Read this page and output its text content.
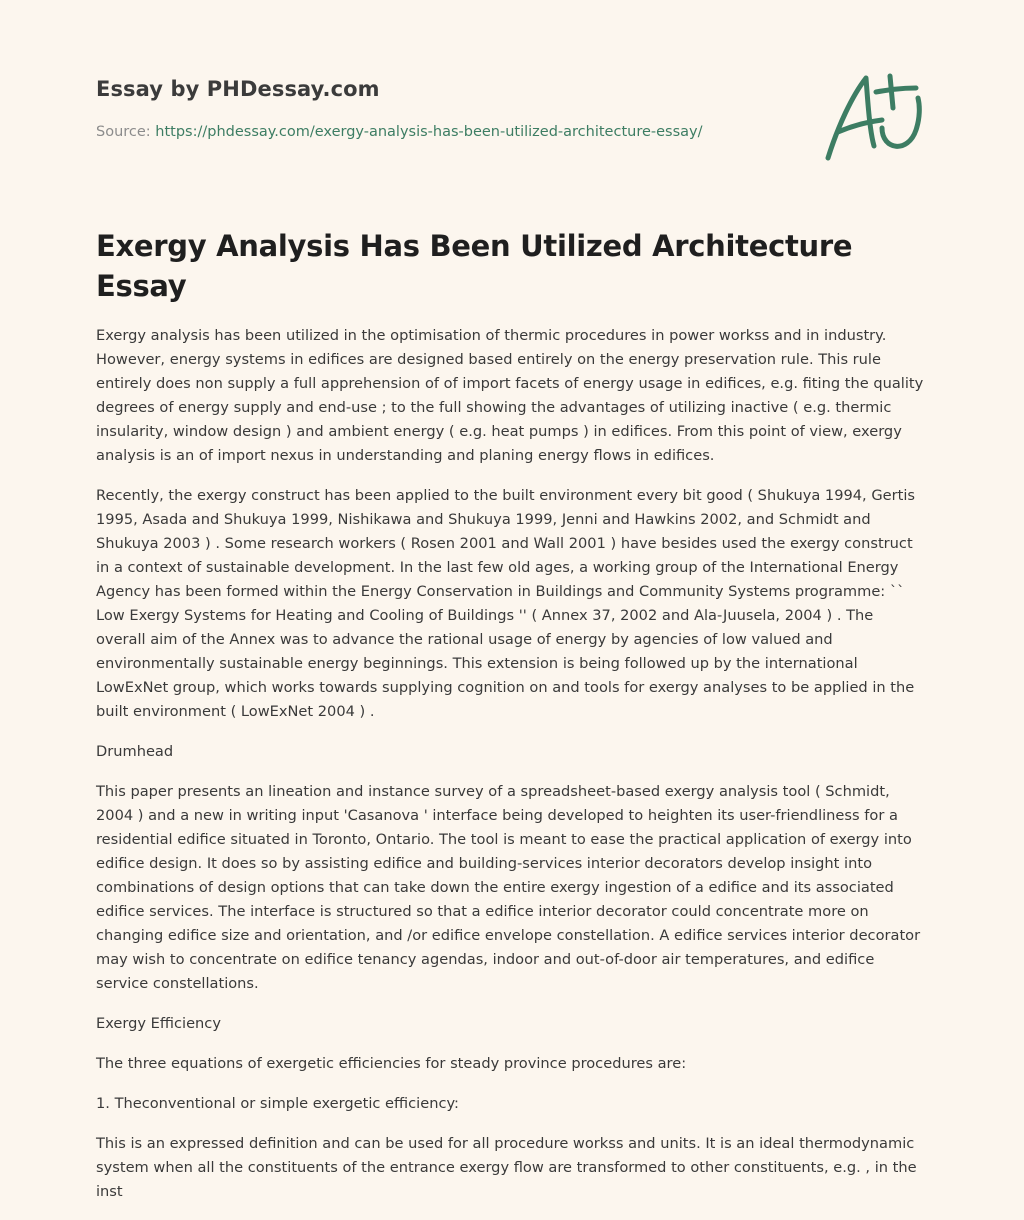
Essay by PHDessay.com
Source: https://phdessay.com/exergy-analysis-has-been-utilized-architecture-essay/
Exergy Analysis Has Been Utilized Architecture Essay

Exergy analysis has been utilized in the optimisation of thermic procedures in power workss and in industry. However, energy systems in edifices are designed based entirely on the energy preservation rule. This rule entirely does non supply a full apprehension of of import facets of energy usage in edifices, e.g. fiting the quality degrees of energy supply and end-use ; to the full showing the advantages of utilizing inactive ( e.g. thermic insularity, window design ) and ambient energy ( e.g. heat pumps ) in edifices. From this point of view, exergy analysis is an of import nexus in understanding and planing energy flows in edifices.

Recently, the exergy construct has been applied to the built environment every bit good ( Shukuya 1994, Gertis 1995, Asada and Shukuya 1999, Nishikawa and Shukuya 1999, Jenni and Hawkins 2002, and Schmidt and Shukuya 2003 ) . Some research workers ( Rosen 2001 and Wall 2001 ) have besides used the exergy construct in a context of sustainable development. In the last few old ages, a working group of the International Energy Agency has been formed within the Energy Conservation in Buildings and Community Systems programme: `` Low Exergy Systems for Heating and Cooling of Buildings '' ( Annex 37, 2002 and Ala-Juusela, 2004 ) . The overall aim of the Annex was to advance the rational usage of energy by agencies of low valued and environmentally sustainable energy beginnings. This extension is being followed up by the international LowExNet group, which works towards supplying cognition on and tools for exergy analyses to be applied in the built environment ( LowExNet 2004 ) .

Drumhead

This paper presents an lineation and instance survey of a spreadsheet-based exergy analysis tool ( Schmidt, 2004 ) and a new in writing input 'Casanova ' interface being developed to heighten its user-friendliness for a residential edifice situated in Toronto, Ontario. The tool is meant to ease the practical application of exergy into edifice design. It does so by assisting edifice and building-services interior decorators develop insight into combinations of design options that can take down the entire exergy ingestion of a edifice and its associated edifice services. The interface is structured so that a edifice interior decorator could concentrate more on changing edifice size and orientation, and /or edifice envelope constellation. A edifice services interior decorator may wish to concentrate on edifice tenancy agendas, indoor and out-of-door air temperatures, and edifice service constellations.

Exergy Efficiency

The three equations of exergetic efficiencies for steady province procedures are:

1. Theconventional or simple exergetic efficiency:

This is an expressed definition and can be used for all procedure workss and units. It is an ideal thermodynamic system when all the constituents of the entrance exergy flow are transformed to other constituents, e.g. , in the inst
